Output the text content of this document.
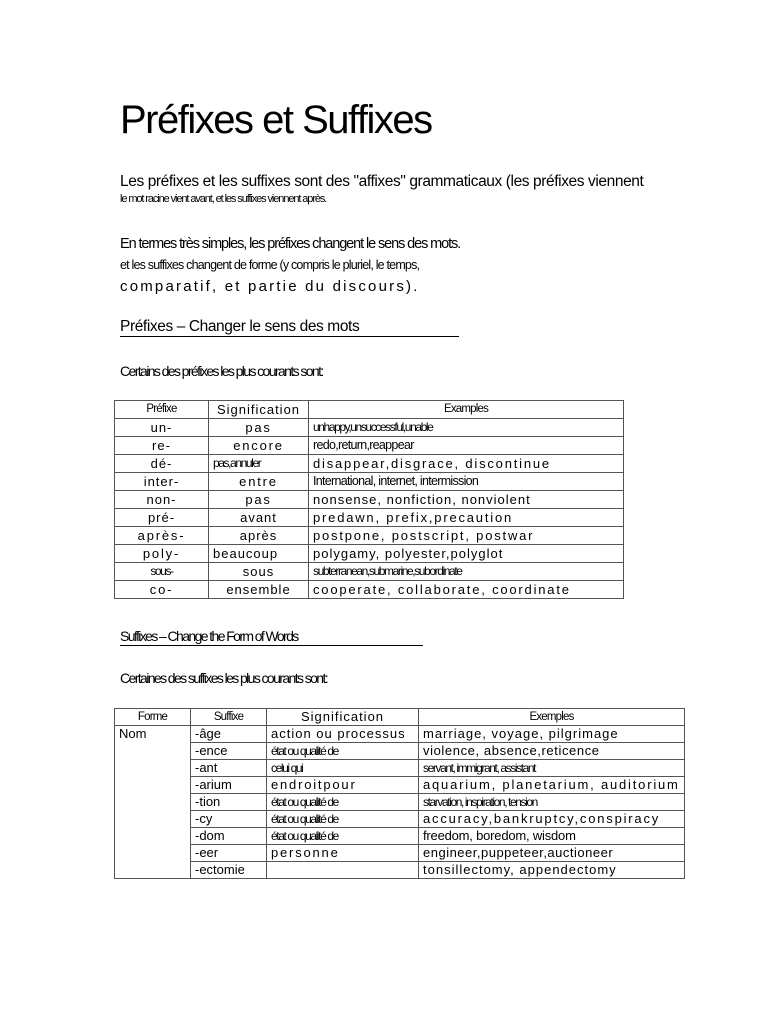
Préfixes et Suffixes
Les préfixes et les suffixes sont des "affixes" grammaticaux (les préfixes viennent
le mot racine vient avant, et les suffixes viennent après.
En termes très simples, les préfixes changent le sens des mots.
et les suffixes changent de forme (y compris le pluriel, le temps,
comparatif, et partie du discours).
Préfixes – Changer le sens des mots
Certains des préfixes les plus courants sont:
Préfixe	Signification	Examples
un-	pas	unhappy,unsuccessful,unable
re-	encore	redo,return,reappear
dé-	pas,annuler	disappear,disgrace, discontinue
inter-	entre	International, internet, intermission
non-	pas	nonsense, nonfiction, nonviolent
pré-	avant	predawn, prefix,precaution
après-	après	postpone, postscript, postwar
poly-	beaucoup	polygamy, polyester,polyglot
sous-	sous	subterranean,submarine,subordinate
co-	ensemble	cooperate, collaborate, coordinate
Suffixes – Change the Form of Words
Certaines des suffixes les plus courants sont:
Forme	Suffixe	Signification	Exemples
Nom	-âge	action ou processus	marriage, voyage, pilgrimage
	-ence	état ou qualité de	violence, absence,reticence
	-ant	celui qui	servant, immigrant, assistant
	-arium	endroitpour	aquarium, planetarium, auditorium
	-tion	état ou qualité de	starvation, inspiration, tension
	-cy	état ou qualité de	accuracy,bankruptcy,conspiracy
	-dom	état ou qualité de	freedom, boredom, wisdom
	-eer	personne	engineer,puppeteer,auctioneer
	-ectomie		tonsillectomy, appendectomy
